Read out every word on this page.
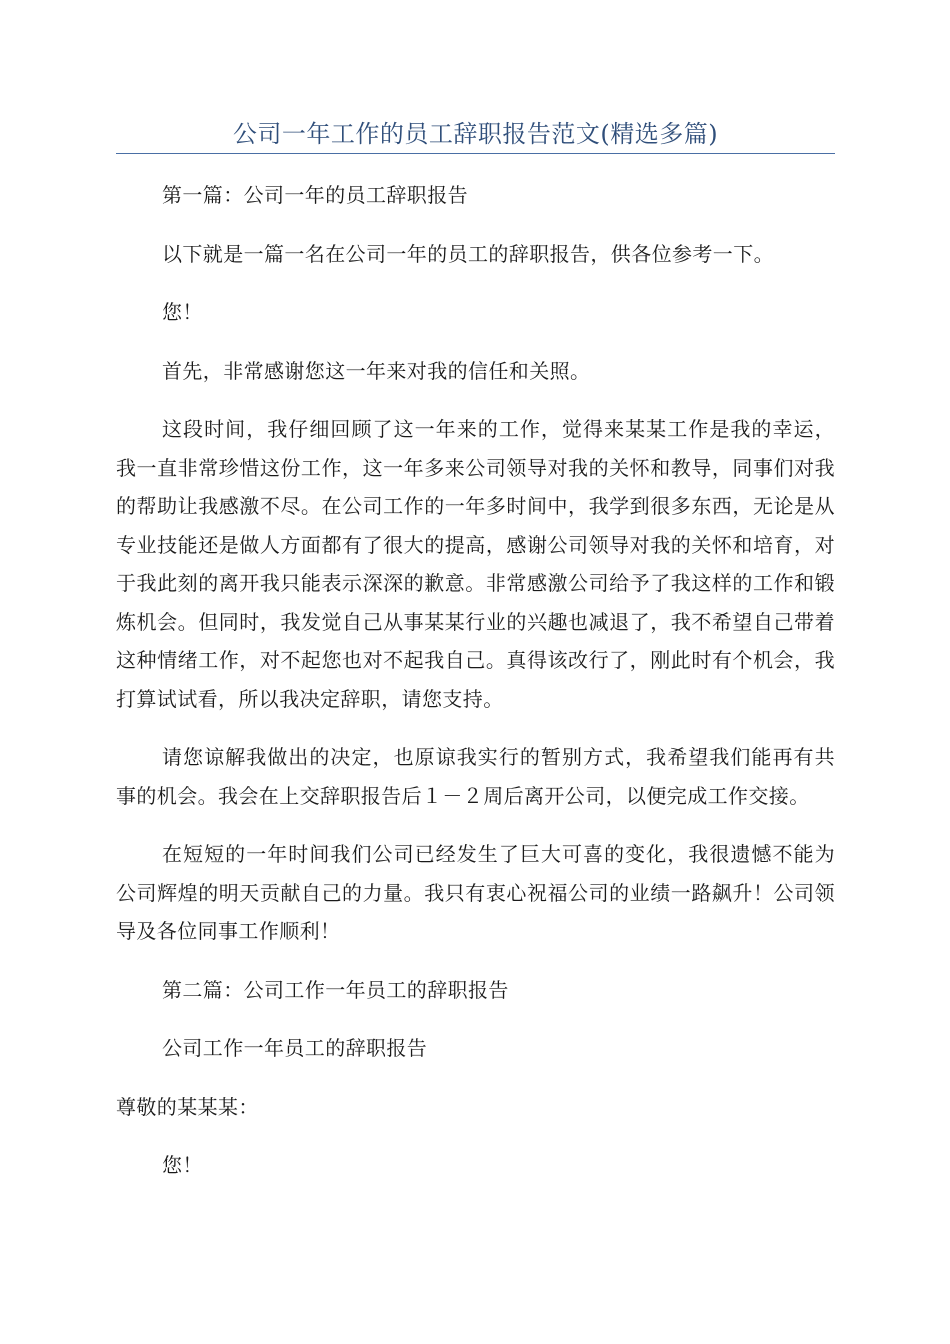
公司一年工作的员工辞职报告范文(精选多篇)

第一篇：公司一年的员工辞职报告

以下就是一篇一名在公司一年的员工的辞职报告，供各位参考一下。

您！

首先，非常感谢您这一年来对我的信任和关照。

这段时间，我仔细回顾了这一年来的工作，觉得来某某工作是我的幸运，我一直非常珍惜这份工作，这一年多来公司领导对我的关怀和教导，同事们对我的帮助让我感激不尽。在公司工作的一年多时间中，我学到很多东西，无论是从专业技能还是做人方面都有了很大的提高，感谢公司领导对我的关怀和培育，对于我此刻的离开我只能表示深深的歉意。非常感激公司给予了我这样的工作和锻炼机会。但同时，我发觉自己从事某某行业的兴趣也减退了，我不希望自己带着这种情绪工作，对不起您也对不起我自己。真得该改行了，刚此时有个机会，我打算试试看，所以我决定辞职，请您支持。

请您谅解我做出的决定，也原谅我实行的暂别方式，我希望我们能再有共事的机会。我会在上交辞职报告后１－２周后离开公司，以便完成工作交接。

在短短的一年时间我们公司已经发生了巨大可喜的变化，我很遗憾不能为公司辉煌的明天贡献自己的力量。我只有衷心祝福公司的业绩一路飙升！公司领导及各位同事工作顺利！

第二篇：公司工作一年员工的辞职报告

公司工作一年员工的辞职报告

尊敬的某某某：

您！
